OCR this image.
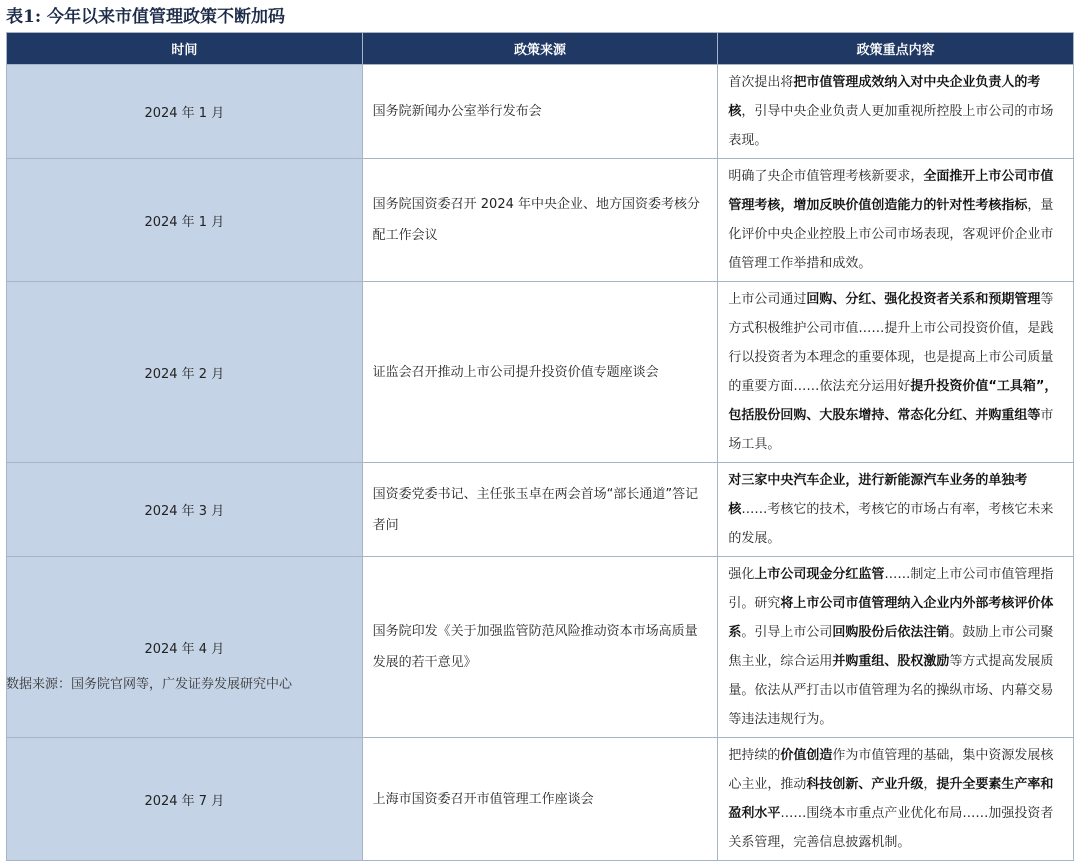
表1: 今年以来市值管理政策不断加码
时间	政策来源	政策重点内容
2024 年 1 月	国务院新闻办公室举行发布会	首次提出将把市值管理成效纳入对中央企业负责人的考核，引导中央企业负责人更加重视所控股上市公司的市场表现。
2024 年 1 月	国务院国资委召开 2024 年中央企业、地方国资委考核分配工作会议	明确了央企市值管理考核新要求，全面推开上市公司市值管理考核，增加反映价值创造能力的针对性考核指标，量化评价中央企业控股上市公司市场表现，客观评价企业市值管理工作举措和成效。
2024 年 2 月	证监会召开推动上市公司提升投资价值专题座谈会	上市公司通过回购、分红、强化投资者关系和预期管理等方式积极维护公司市值……提升上市公司投资价值，是践行以投资者为本理念的重要体现，也是提高上市公司质量的重要方面……依法充分运用好提升投资价值“工具箱”，包括股份回购、大股东增持、常态化分红、并购重组等市场工具。
2024 年 3 月	国资委党委书记、主任张玉卓在两会首场“部长通道”答记者问	对三家中央汽车企业，进行新能源汽车业务的单独考核……考核它的技术，考核它的市场占有率，考核它未来的发展。
2024 年 4 月	国务院印发《关于加强监管防范风险推动资本市场高质量发展的若干意见》	强化上市公司现金分红监管……制定上市公司市值管理指引。研究将上市公司市值管理纳入企业内外部考核评价体系。引导上市公司回购股份后依法注销。鼓励上市公司聚焦主业，综合运用并购重组、股权激励等方式提高发展质量。依法从严打击以市值管理为名的操纵市场、内幕交易等违法违规行为。
2024 年 7 月	上海市国资委召开市值管理工作座谈会	把持续的价值创造作为市值管理的基础，集中资源发展核心主业，推动科技创新、产业升级，提升全要素生产率和盈利水平……围绕本市重点产业优化布局……加强投资者关系管理，完善信息披露机制。
数据来源：国务院官网等，广发证券发展研究中心
